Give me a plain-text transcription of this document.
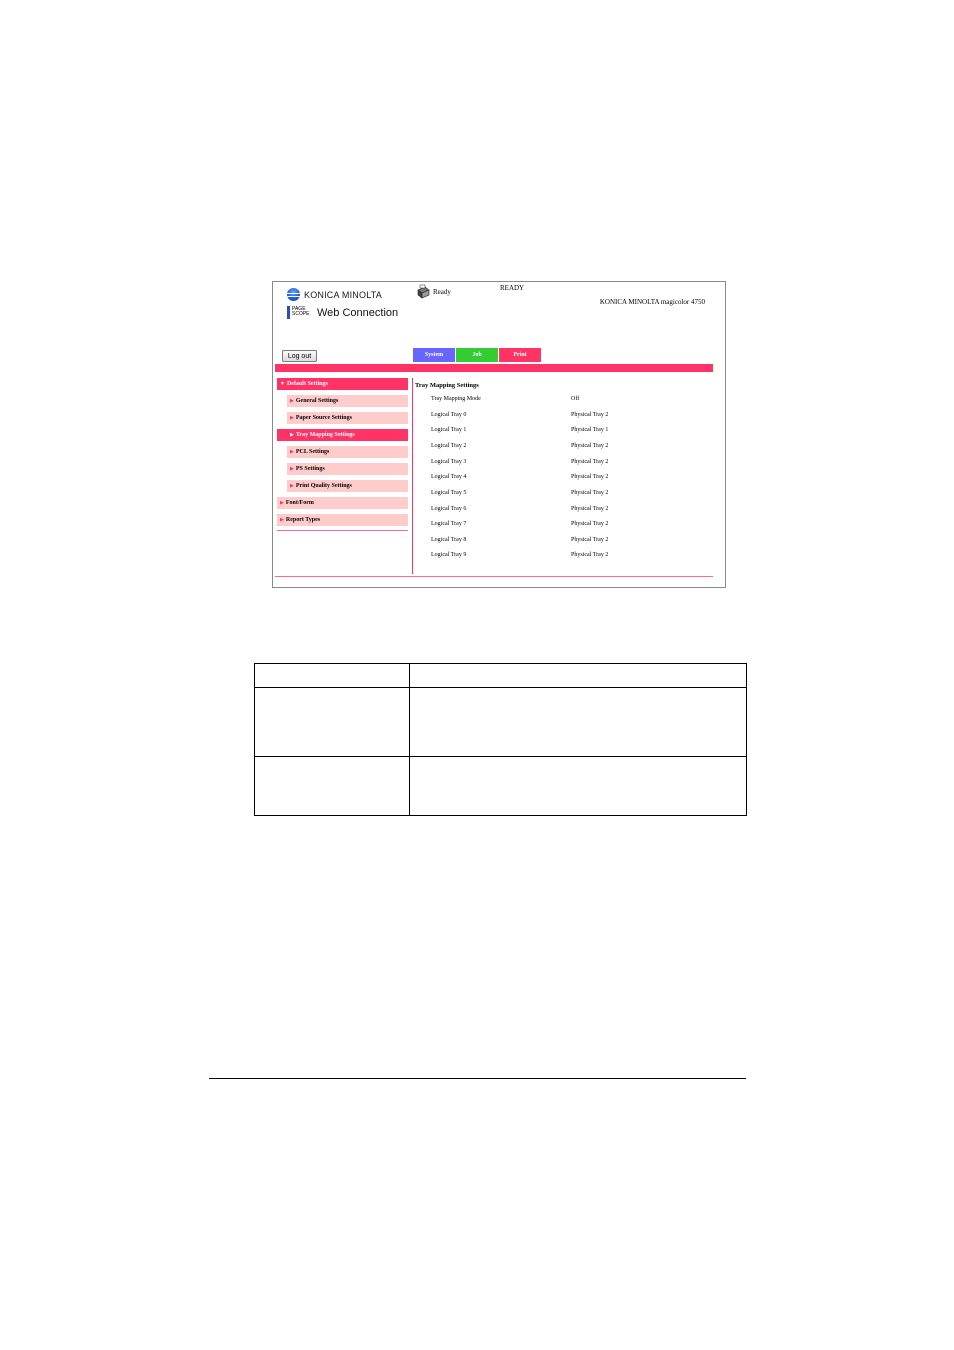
KONICA MINOLTA
PAGE
SCOPE Web Connection
Ready	READY
KONICA MINOLTA magicolor 4750
Log out	System	Job	Print
▼ Default Settings
▶ General Settings
▶ Paper Source Settings
▶ Tray Mapping Settings
▶ PCL Settings
▶ PS Settings
▶ Print Quality Settings
▶ Font/Form
▶ Report Types
Tray Mapping Settings
Tray Mapping Mode	Off
Logical Tray 0	Physical Tray 2
Logical Tray 1	Physical Tray 1
Logical Tray 2	Physical Tray 2
Logical Tray 3	Physical Tray 2
Logical Tray 4	Physical Tray 2
Logical Tray 5	Physical Tray 2
Logical Tray 6	Physical Tray 2
Logical Tray 7	Physical Tray 2
Logical Tray 8	Physical Tray 2
Logical Tray 9	Physical Tray 2
